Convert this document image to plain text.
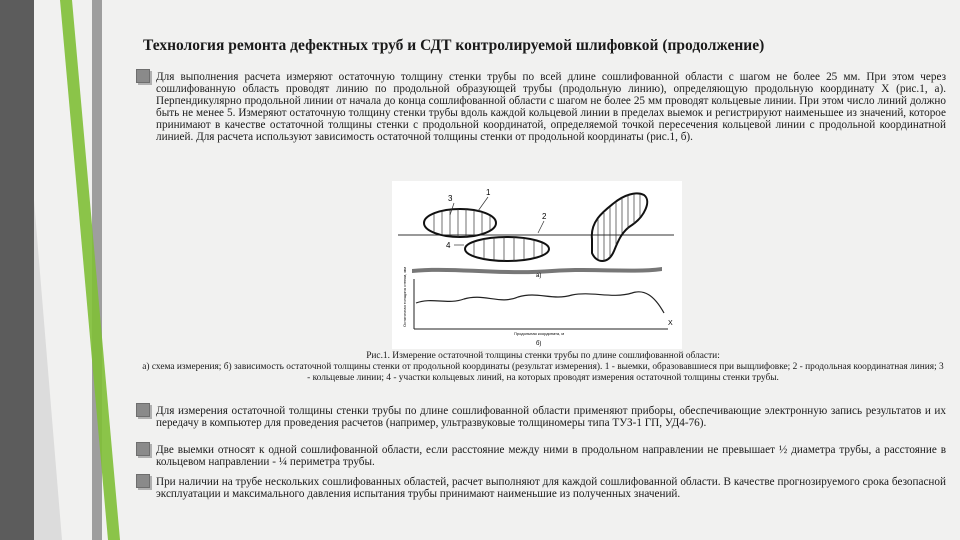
Технология ремонта дефектных труб и СДТ контролируемой шлифовкой (продолжение)
Для выполнения расчета измеряют остаточную толщину стенки трубы по всей длине сошлифованной области с шагом не более 25 мм. При этом через сошлифованную область проводят линию по продольной образующей трубы (продольную линию), определяющую продольную координату X (рис.1, а). Перпендикулярно продольной линии от начала до конца сошлифованной области с шагом не более 25 мм проводят кольцевые линии. При этом число линий должно быть не менее 5. Измеряют остаточную толщину стенки трубы вдоль каждой кольцевой линии в пределах выемок и регистрируют наименьшее из значений, которое принимают в качестве остаточной толщины стенки с продольной координатой, определяемой точкой пересечения кольцевой линии с продольной координатной линией. Для расчета используют зависимость остаточной толщины стенки от продольной координаты (рис.1, б).
3
1
2
4
а)
X
Продольная координата, м
Остаточная толщина стенки, мм
б)
Рис.1. Измерение остаточной толщины стенки трубы по длине сошлифованной области:
а) схема измерения; б) зависимость остаточной толщины стенки от продольной координаты (результат измерения). 1 - выемки, образовавшиеся при выщлифовке; 2 - продольная координатная линия; 3 - кольцевые линии; 4 - участки кольцевых линий, на которых проводят измерения остаточной толщины стенки трубы.
Для измерения остаточной толщины стенки трубы по длине сошлифованной области применяют приборы, обеспечивающие электронную запись результатов и их передачу в компьютер для проведения расчетов (например, ультразвуковые толщиномеры типа ТУЗ-1 ГП, УД4-76).
Две выемки относят к одной сошлифованной области, если расстояние между ними в продольном направлении не превышает ½ диаметра трубы, а расстояние в кольцевом направлении - ¼ периметра трубы.
При наличии на трубе нескольких сошлифованных областей, расчет выполняют для каждой сошлифованной области. В качестве прогнозируемого срока безопасной эксплуатации и максимального давления испытания трубы принимают наименьшие из полученных значений.
